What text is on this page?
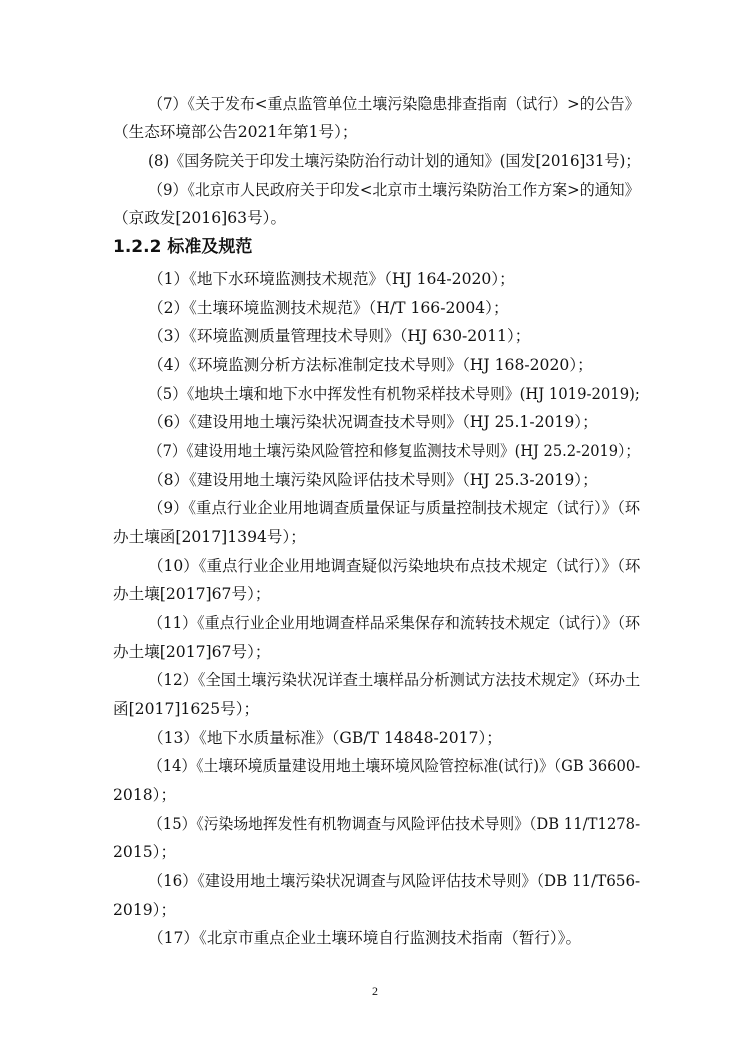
（7）《关于发布<重点监管单位土壤污染隐患排查指南（试行）>的公告》
（生态环境部公告2021年第1号）；
(8)《国务院关于印发土壤污染防治行动计划的通知》(国发[2016]31号)；
（9）《北京市人民政府关于印发<北京市土壤污染防治工作方案>的通知》
（京政发[2016]63号）。
1.2.2 标准及规范
（1）《地下水环境监测技术规范》（HJ 164-2020）；
（2）《土壤环境监测技术规范》（H/T 166-2004）；
（3）《环境监测质量管理技术导则》（HJ 630-2011）；
（4）《环境监测分析方法标准制定技术导则》（HJ 168-2020）；
（5）《地块土壤和地下水中挥发性有机物采样技术导则》(HJ 1019-2019);
（6）《建设用地土壤污染状况调查技术导则》（HJ 25.1-2019）；
（7）《建设用地土壤污染风险管控和修复监测技术导则》(HJ 25.2-2019）；
（8）《建设用地土壤污染风险评估技术导则》（HJ 25.3-2019）；
（9）《重点行业企业用地调查质量保证与质量控制技术规定（试行）》（环
办土壤函[2017]1394号）；
（10）《重点行业企业用地调查疑似污染地块布点技术规定（试行）》（环
办土壤[2017]67号）；
（11）《重点行业企业用地调查样品采集保存和流转技术规定（试行）》（环
办土壤[2017]67号）；
（12）《全国土壤污染状况详查土壤样品分析测试方法技术规定》（环办土
函[2017]1625号）；
（13）《地下水质量标准》（GB/T 14848-2017）；
（14）《土壤环境质量建设用地土壤环境风险管控标准(试行)》（GB 36600-
2018）；
（15）《污染场地挥发性有机物调查与风险评估技术导则》（DB 11/T1278-
2015）；
（16）《建设用地土壤污染状况调查与风险评估技术导则》（DB 11/T656-
2019）；
（17）《北京市重点企业土壤环境自行监测技术指南（暂行）》。
2
